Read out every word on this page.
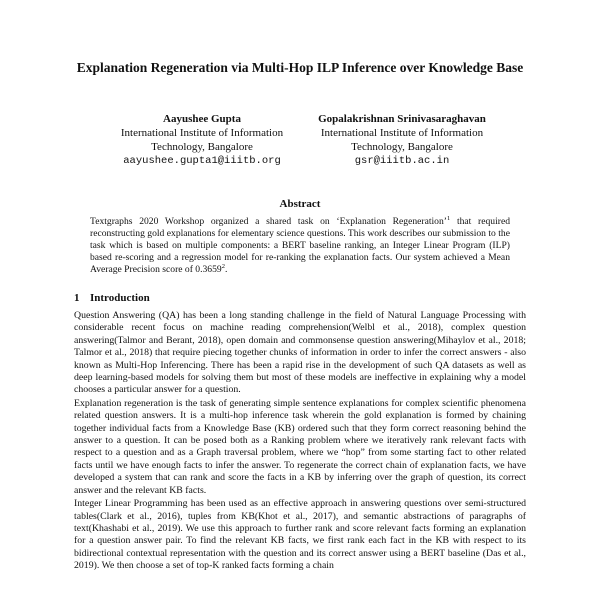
Explanation Regeneration via Multi-Hop ILP Inference over Knowledge Base
Aayushee Gupta
International Institute of Information
Technology, Bangalore
aayushee.gupta1@iiitb.org
Gopalakrishnan Srinivasaraghavan
International Institute of Information
Technology, Bangalore
gsr@iiitb.ac.in
Abstract
Textgraphs 2020 Workshop organized a shared task on ‘Explanation Regeneration’$^1$ that required reconstructing gold explanations for elementary science questions. This work describes our submission to the task which is based on multiple components: a BERT baseline ranking, an Integer Linear Program (ILP) based re-scoring and a regression model for re-ranking the explanation facts. Our system achieved a Mean Average Precision score of 0.3659$^2$.
1 Introduction

Question Answering (QA) has been a long standing challenge in the field of Natural Language Processing with considerable recent focus on machine reading comprehension(Welbl et al., 2018), complex question answering(Talmor and Berant, 2018), open domain and commonsense question answering(Mihaylov et al., 2018; Talmor et al., 2018) that require piecing together chunks of information in order to infer the correct answers - also known as Multi-Hop Inferencing. There has been a rapid rise in the development of such QA datasets as well as deep learning-based models for solving them but most of these models are ineffective in explaining why a model chooses a particular answer for a question.

Explanation regeneration is the task of generating simple sentence explanations for complex scientific phenomena related question answers. It is a multi-hop inference task wherein the gold explanation is formed by chaining together individual facts from a Knowledge Base (KB) ordered such that they form correct reasoning behind the answer to a question. It can be posed both as a Ranking problem where we iteratively rank relevant facts with respect to a question and as a Graph traversal problem, where we “hop” from some starting fact to other related facts until we have enough facts to infer the answer. To regenerate the correct chain of explanation facts, we have developed a system that can rank and score the facts in a KB by inferring over the graph of question, its correct answer and the relevant KB facts.

Integer Linear Programming has been used as an effective approach in answering questions over semi-structured tables(Clark et al., 2016), tuples from KB(Khot et al., 2017), and semantic abstractions of paragraphs of text(Khashabi et al., 2019). We use this approach to further rank and score relevant facts forming an explanation for a question answer pair. To find the relevant KB facts, we first rank each fact in the KB with respect to its bidirectional contextual representation with the question and its correct answer using a BERT baseline (Das et al., 2019). We then choose a set of top-K ranked facts forming a chain
